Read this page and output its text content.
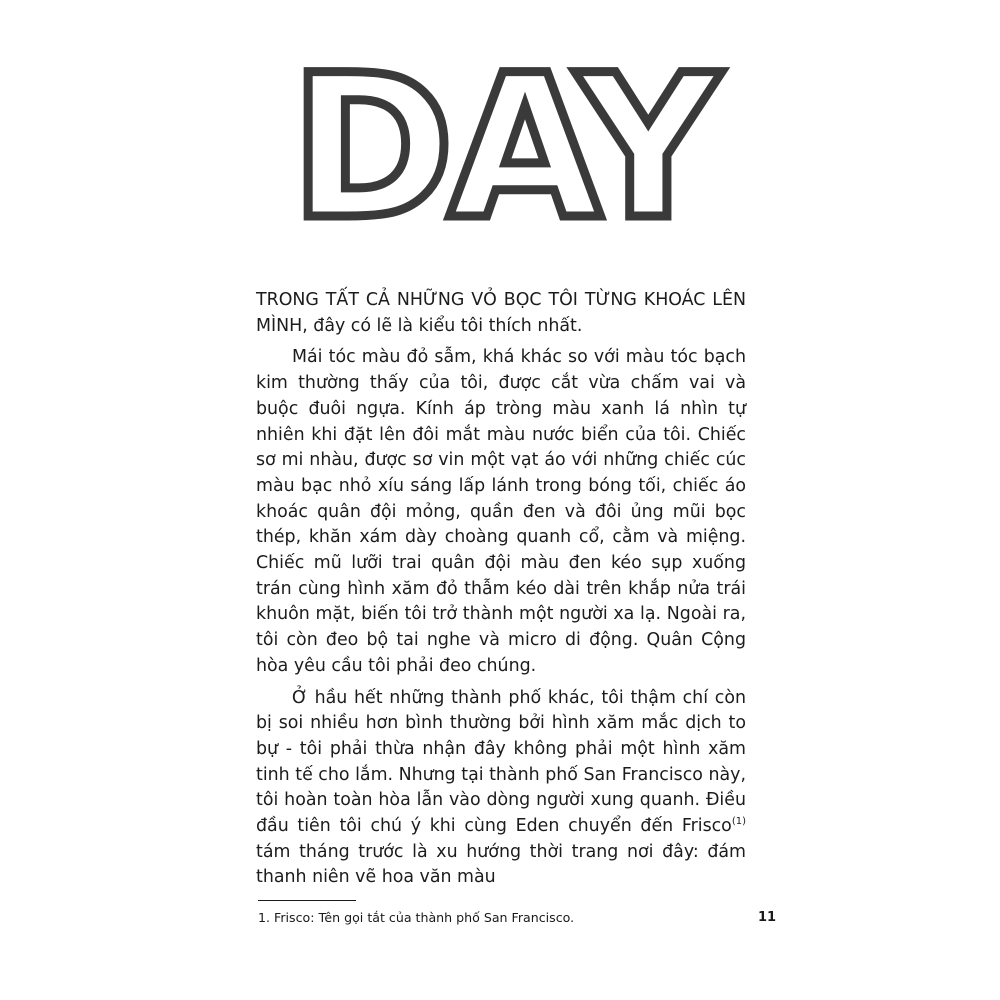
DAY

TRONG TẤT CẢ NHỮNG VỎ BỌC TÔI TỪNG KHOÁC LÊN MÌNH, đây có lẽ là kiểu tôi thích nhất.

Mái tóc màu đỏ sẫm, khá khác so với màu tóc bạch kim thường thấy của tôi, được cắt vừa chấm vai và buộc đuôi ngựa. Kính áp tròng màu xanh lá nhìn tự nhiên khi đặt lên đôi mắt màu nước biển của tôi. Chiếc sơ mi nhàu, được sơ vin một vạt áo với những chiếc cúc màu bạc nhỏ xíu sáng lấp lánh trong bóng tối, chiếc áo khoác quân đội mỏng, quần đen và đôi ủng mũi bọc thép, khăn xám dày choàng quanh cổ, cằm và miệng. Chiếc mũ lưỡi trai quân đội màu đen kéo sụp xuống trán cùng hình xăm đỏ thẫm kéo dài trên khắp nửa trái khuôn mặt, biến tôi trở thành một người xa lạ. Ngoài ra, tôi còn đeo bộ tai nghe và micro di động. Quân Cộng hòa yêu cầu tôi phải đeo chúng.

Ở hầu hết những thành phố khác, tôi thậm chí còn bị soi nhiều hơn bình thường bởi hình xăm mắc dịch to bự - tôi phải thừa nhận đây không phải một hình xăm tinh tế cho lắm. Nhưng tại thành phố San Francisco này, tôi hoàn toàn hòa lẫn vào dòng người xung quanh. Điều đầu tiên tôi chú ý khi cùng Eden chuyển đến Frisco$^{(1)}$ tám tháng trước là xu hướng thời trang nơi đây: đám thanh niên vẽ hoa văn màu

1. Frisco: Tên gọi tắt của thành phố San Francisco.	11
